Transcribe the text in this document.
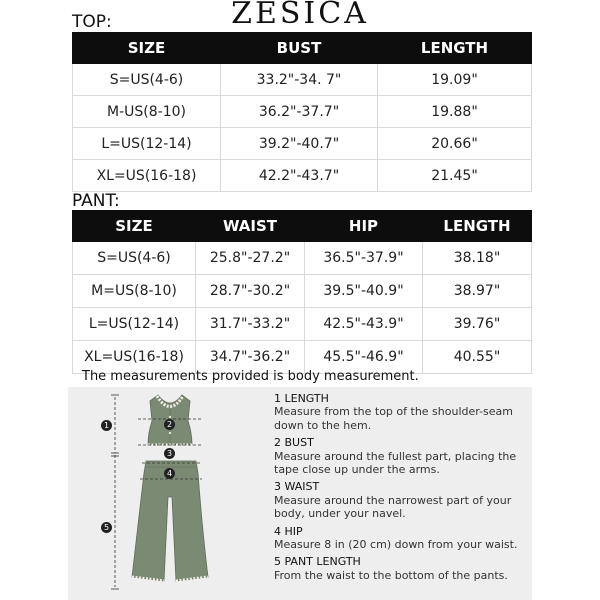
ZESICA
TOP:
SIZE	BUST	LENGTH
S=US(4-6)	33.2"-34. 7"	19.09"
M-US(8-10)	36.2"-37.7"	19.88"
L=US(12-14)	39.2"-40.7"	20.66"
XL=US(16-18)	42.2"-43.7"	21.45"
PANT:
SIZE	WAIST	HIP	LENGTH
S=US(4-6)	25.8"-27.2"	36.5"-37.9"	38.18"
M=US(8-10)	28.7"-30.2"	39.5"-40.9"	38.97"
L=US(12-14)	31.7"-33.2"	42.5"-43.9"	39.76"
XL=US(16-18)	34.7"-36.2"	45.5"-46.9"	40.55"
The measurements provided is body measurement.
1	2
3
4
5
1 LENGTH
Measure from the top of the shoulder-seam down to the hem.
2 BUST
Measure around the fullest part, placing the tape close up under the arms.
3 WAIST
Measure around the narrowest part of your body, under your navel.
4 HIP
Measure 8 in (20 cm) down from your waist.
5 PANT LENGTH
From the waist to the bottom of the pants.
